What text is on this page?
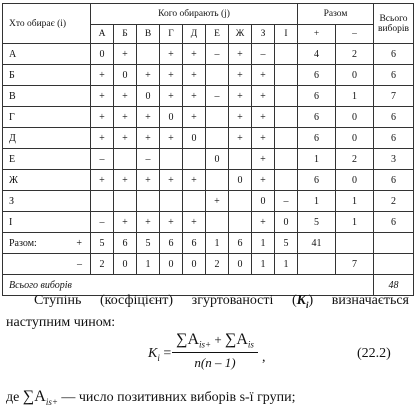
Хто обирає (i)	Кого обирають (j)									Разом		Всього виборів
	А	Б	В	Г	Д	Е	Ж	З	І	+	–	
А	0	+		+	+	–	+	–		4	2	6
Б	+	0	+	+	+		+	+		6	0	6
В	+	+	0	+	+	–	+	+		6	1	7
Г	+	+	+	0	+		+	+		6	0	6
Д	+	+	+	+	0		+	+		6	0	6
Е	–		–			0		+		1	2	3
Ж	+	+	+	+	+		0	+		6	0	6
З						+		0	–	1	1	2
І	–	+	+	+	+			+	0	5	1	6
Разом: +	5	6	5	6	6	1	6	1	5	41		

–	2	0	1	0	0	2	0	1	1		7	
Всього виборів												48
Ступінь (косфіцієнт) згуртованості $(K_i)$ визначається наступним чином:
$K_i$ =
$\sum A_{is+} + \sum A_{is}$
n(n – 1)	,	(22.2)
де $\sum A_{is+}$ — число позитивних виборів s-ї групи;
